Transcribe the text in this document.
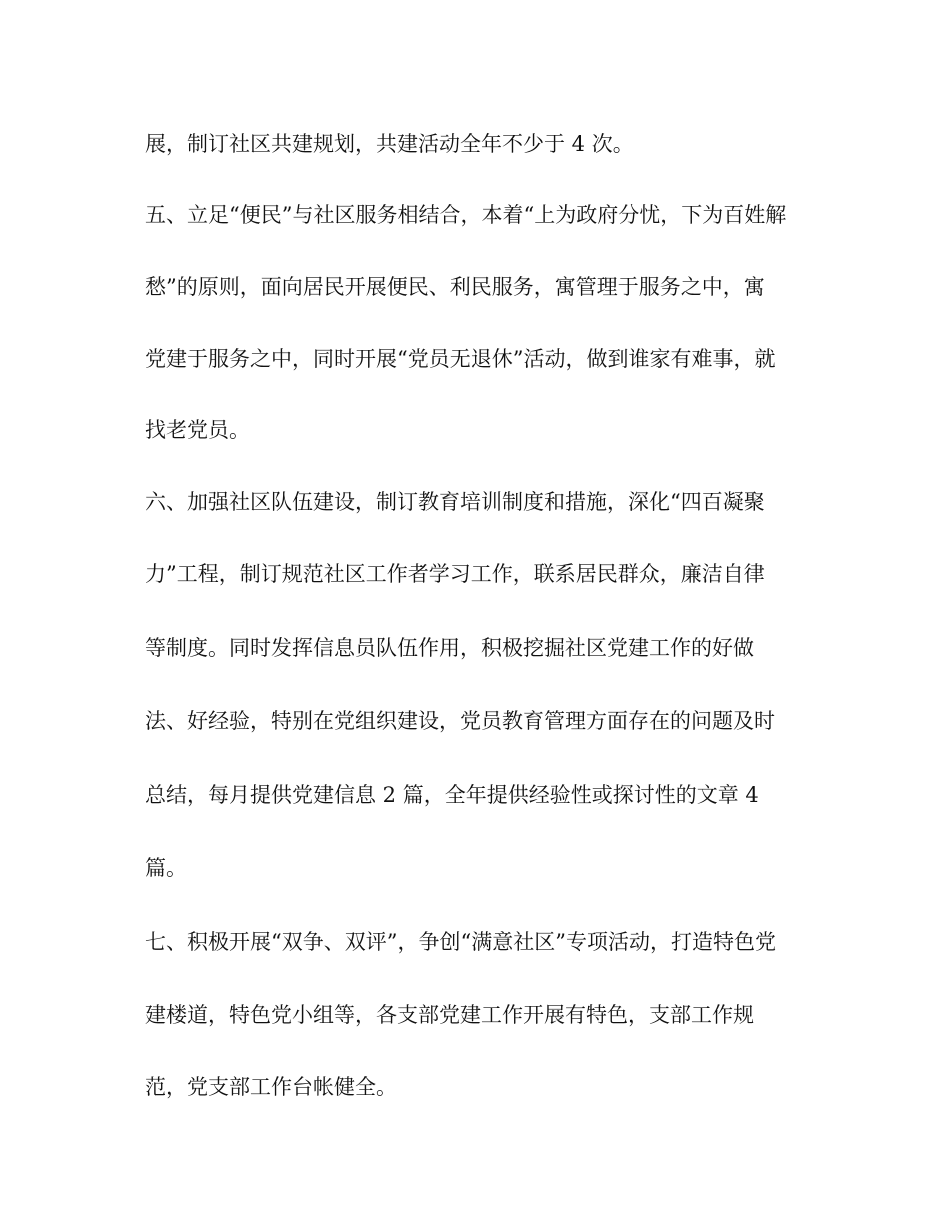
展，制订社区共建规划，共建活动全年不少于 4 次。

五、立足“便民”与社区服务相结合，本着“上为政府分忧，下为百姓解

愁”的原则，面向居民开展便民、利民服务，寓管理于服务之中，寓

党建于服务之中，同时开展“党员无退休”活动，做到谁家有难事，就

找老党员。

六、加强社区队伍建设，制订教育培训制度和措施，深化“四百凝聚

力”工程，制订规范社区工作者学习工作，联系居民群众，廉洁自律

等制度。同时发挥信息员队伍作用，积极挖掘社区党建工作的好做

法、好经验，特别在党组织建设，党员教育管理方面存在的问题及时

总结，每月提供党建信息 2 篇，全年提供经验性或探讨性的文章 4

篇。

七、积极开展“双争、双评”，争创“满意社区”专项活动，打造特色党

建楼道，特色党小组等，各支部党建工作开展有特色，支部工作规

范，党支部工作台帐健全。
